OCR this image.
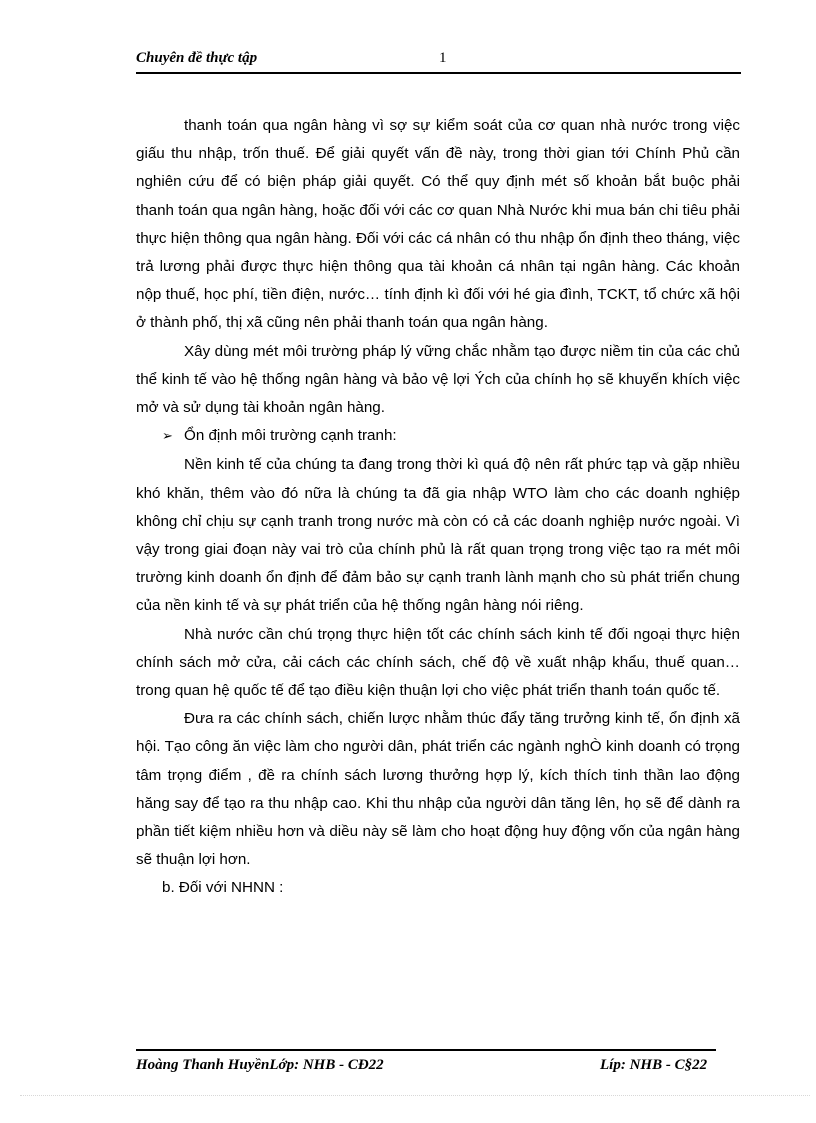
Chuyên đề thực tập	1

thanh toán qua ngân hàng vì sợ sự kiểm soát của cơ quan nhà nước trong việc giấu thu nhập, trốn thuế. Để giải quyết vấn đề này, trong thời gian tới Chính Phủ cần nghiên cứu để có biện pháp giải quyết. Có thể quy định mét số khoản bắt buộc phải thanh toán qua ngân hàng, hoặc đối với các cơ quan Nhà Nước khi mua bán chi tiêu phải thực hiện thông qua ngân hàng. Đối với các cá nhân có thu nhập ổn định theo tháng, việc trả lương phải được thực hiện thông qua tài khoản cá nhân tại ngân hàng. Các khoản nộp thuế, học phí, tiền điện, nước… tính định kì đối với hé gia đình, TCKT, tổ chức xã hội ở thành phố, thị xã cũng nên phải thanh toán qua ngân hàng.

Xây dùng mét môi trường pháp lý vững chắc nhằm tạo được niềm tin của các chủ thể kinh tế vào hệ thống ngân hàng và bảo vệ lợi Ých của chính họ sẽ khuyến khích việc mở và sử dụng tài khoản ngân hàng.

➢ Ổn định môi trường cạnh tranh:

Nền kinh tế của chúng ta đang trong thời kì quá độ nên rất phức tạp và gặp nhiều khó khăn, thêm vào đó nữa là chúng ta đã gia nhập WTO làm cho các doanh nghiệp không chỉ chịu sự cạnh tranh trong nước mà còn có cả các doanh nghiệp nước ngoài. Vì vậy trong giai đoạn này vai trò của chính phủ là rất quan trọng trong việc tạo ra mét môi trường kinh doanh ổn định để đảm bảo sự cạnh tranh lành mạnh cho sù phát triển chung của nền kinh tế và sự phát triển của hệ thống ngân hàng nói riêng.

Nhà nước cần chú trọng thực hiện tốt các chính sách kinh tế đối ngoại thực hiện chính sách mở cửa, cải cách các chính sách, chế độ về xuất nhập khẩu, thuế quan… trong quan hệ quốc tế để tạo điều kiện thuận lợi cho việc phát triển thanh toán quốc tế.

Đưa ra các chính sách, chiến lược nhằm thúc đẩy tăng trưởng kinh tế, ổn định xã hội. Tạo công ăn việc làm cho người dân, phát triển các ngành nghÒ kinh doanh có trọng tâm trọng điểm , đề ra chính sách lương thưởng hợp lý, kích thích tinh thần lao động hăng say để tạo ra thu nhập cao. Khi thu nhập của người dân tăng lên, họ sẽ để dành ra phần tiết kiệm nhiều hơn và diều này sẽ làm cho hoạt động huy động vốn của ngân hàng sẽ thuận lợi hơn.

b. Đối với NHNN :

Hoàng Thanh HuyềnLớp: NHB - CĐ22	Líp: NHB - C§22
